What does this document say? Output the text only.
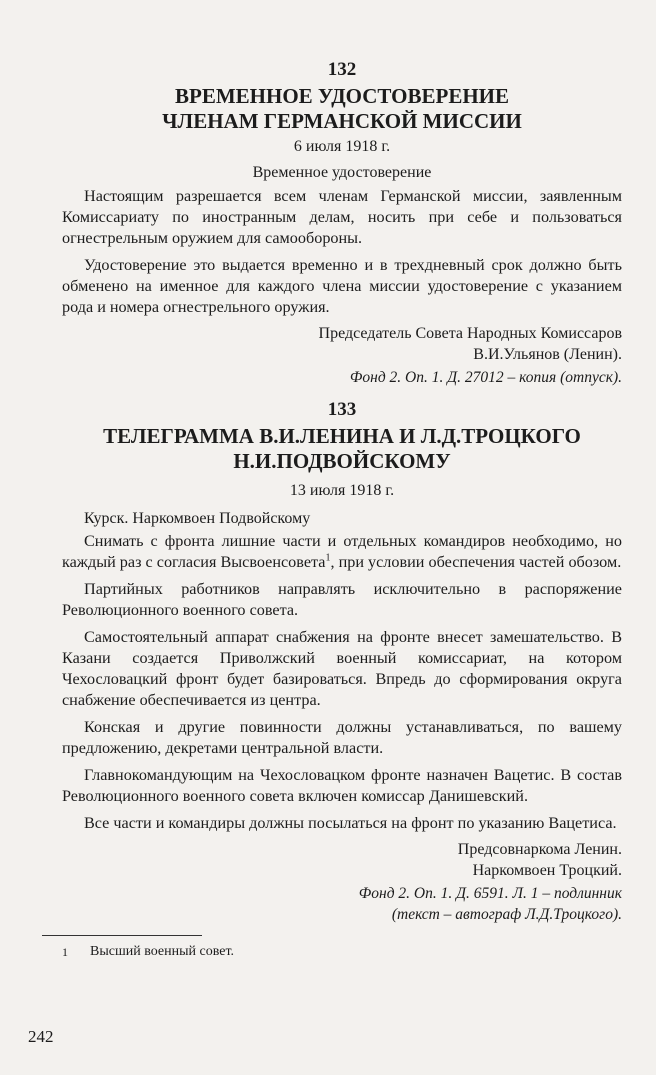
132

ВРЕМЕННОЕ УДОСТОВЕРЕНИЕ

ЧЛЕНАМ ГЕРМАНСКОЙ МИССИИ

6 июля 1918 г.

Временное удостоверение

Настоящим разрешается всем членам Германской миссии, заявленным Комиссариату по иностранным делам, носить при себе и пользоваться огнестрельным оружием для самообороны.

Удостоверение это выдается временно и в трехдневный срок должно быть обменено на именное для каждого члена миссии удостоверение с указанием рода и номера огнестрельного оружия.

Председатель Совета Народных Комиссаров

В.И.Ульянов (Ленин).

Фонд 2. Оп. 1. Д. 27012 – копия (отпуск).

133

ТЕЛЕГРАММА В.И.ЛЕНИНА И Л.Д.ТРОЦКОГО

Н.И.ПОДВОЙСКОМУ

13 июля 1918 г.

Курск. Наркомвоен Подвойскому

Снимать с фронта лишние части и отдельных командиров необходимо, но каждый раз с согласия Высвоенсовета$^1$, при условии обеспечения частей обозом.

Партийных работников направлять исключительно в распоряжение Революционного военного совета.

Самостоятельный аппарат снабжения на фронте внесет замешательство. В Казани создается Приволжский военный комиссариат, на котором Чехословацкий фронт будет базироваться. Впредь до сформирования округа снабжение обеспечивается из центра.

Конская и другие повинности должны устанавливаться, по вашему предложению, декретами центральной власти.

Главнокомандующим на Чехословацком фронте назначен Вацетис. В состав Революционного военного совета включен комиссар Данишевский.

Все части и командиры должны посылаться на фронт по указанию Вацетиса.

Предсовнаркома Ленин.

Наркомвоен Троцкий.

Фонд 2. Оп. 1. Д. 6591. Л. 1 – подлинник

(текст – автограф Л.Д.Троцкого).

1 Высший военный совет.

242
